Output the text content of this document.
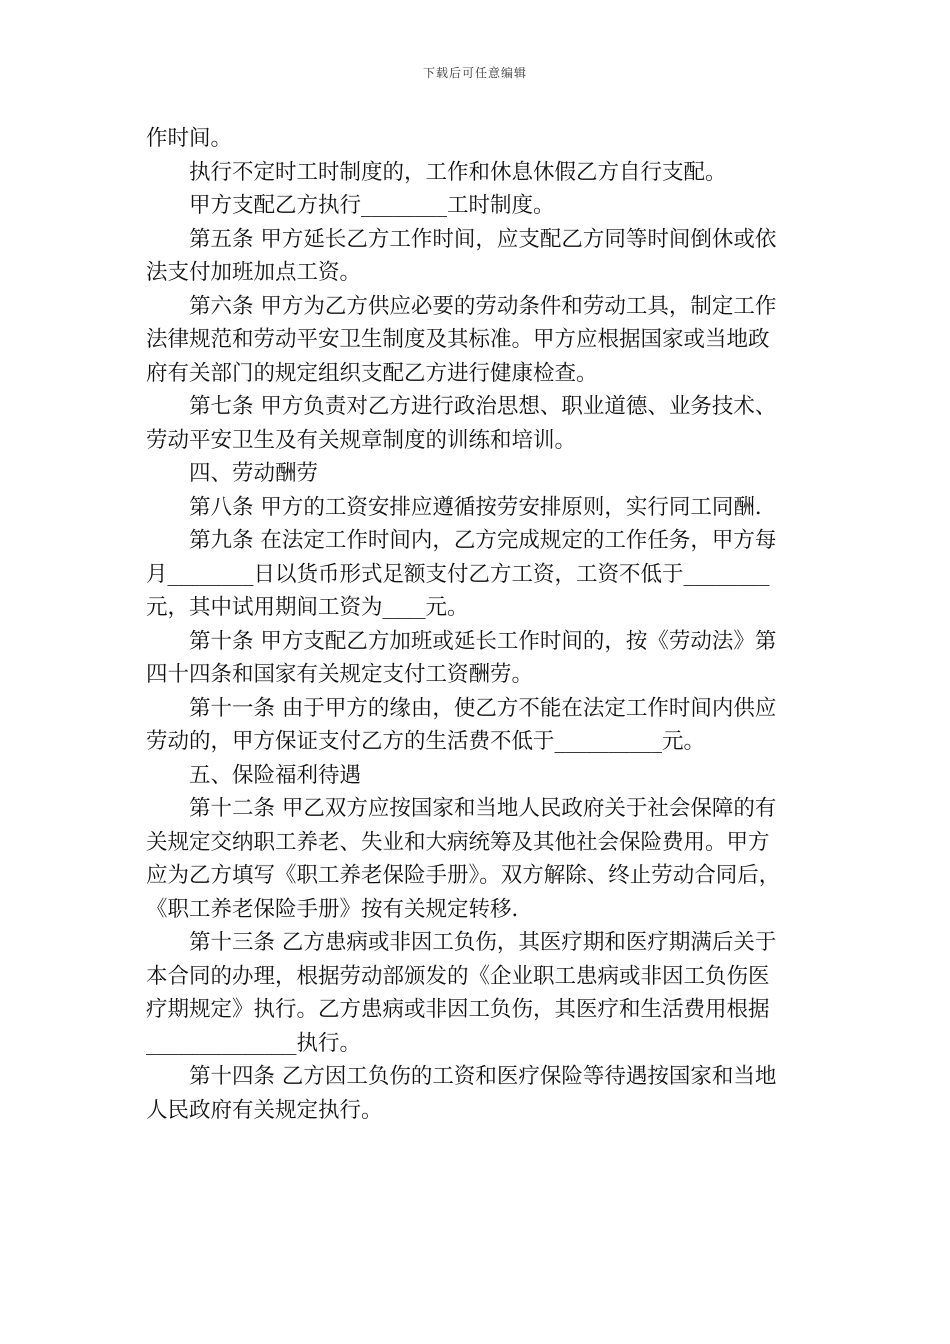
下载后可任意编辑
作时间。
执行不定时工时制度的，工作和休息休假乙方自行支配。
甲方支配乙方执行________工时制度。
第五条 甲方延长乙方工作时间，应支配乙方同等时间倒休或依
法支付加班加点工资。
第六条 甲方为乙方供应必要的劳动条件和劳动工具，制定工作
法律规范和劳动平安卫生制度及其标准。甲方应根据国家或当地政
府有关部门的规定组织支配乙方进行健康检查。
第七条 甲方负责对乙方进行政治思想、职业道德、业务技术、
劳动平安卫生及有关规章制度的训练和培训。
四、劳动酬劳
第八条 甲方的工资安排应遵循按劳安排原则，实行同工同酬．
第九条 在法定工作时间内，乙方完成规定的工作任务，甲方每
月________日以货币形式足额支付乙方工资，工资不低于________
元，其中试用期间工资为____元。
第十条 甲方支配乙方加班或延长工作时间的，按《劳动法》第
四十四条和国家有关规定支付工资酬劳。
第十一条 由于甲方的缘由，使乙方不能在法定工作时间内供应
劳动的，甲方保证支付乙方的生活费不低于__________元。
五、保险福利待遇
第十二条 甲乙双方应按国家和当地人民政府关于社会保障的有
关规定交纳职工养老、失业和大病统筹及其他社会保险费用。甲方
应为乙方填写《职工养老保险手册》。双方解除、终止劳动合同后，
《职工养老保险手册》按有关规定转移．
第十三条 乙方患病或非因工负伤，其医疗期和医疗期满后关于
本合同的办理，根据劳动部颁发的《企业职工患病或非因工负伤医
疗期规定》执行。乙方患病或非因工负伤，其医疗和生活费用根据
______________执行。
第十四条 乙方因工负伤的工资和医疗保险等待遇按国家和当地
人民政府有关规定执行。
